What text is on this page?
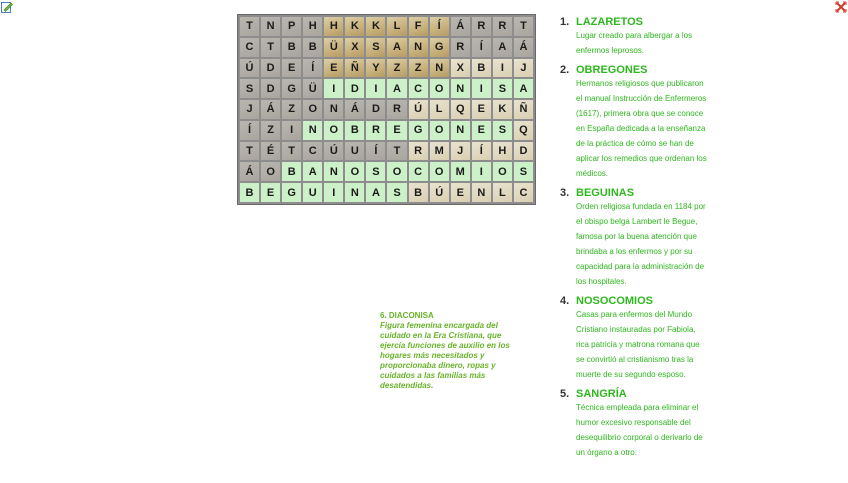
T	N	P	H	H	K	K	L	F	Í	Á	R	R	T
C	T	B	B	Ü	X	S	A	N	G	R	Í	A	Á
Ú	D	E	Í	E	Ñ	Y	Z	Z	N	X	B	I	J
S	D	G	Ü	I	D	I	A	C	O	N	I	S	A
J	Á	Z	O	N	Á	D	R	Ú	L	Q	E	K	Ñ
Í	Z	I	N	O	B	R	E	G	O	N	E	S	Q
T	É	T	C	Ú	U	Í	T	R	M	J	Í	H	D
Á	O	B	A	N	O	S	O	C	O	M	I	O	S
B	E	G	U	I	N	A	S	B	Ú	E	N	L	C
1. LAZARETOS
Lugar creado para albergar a los enfermos leprosos.
2. OBREGONES
Hermanos religiosos que publicaron el manual Instrucción de Enfermeros (1617), primera obra que se conoce en España dedicada a la enseñanza de la práctica de cómo se han de aplicar los remedios que ordenan los médicos.
3. BEGUINAS
Orden religiosa fundada en 1184 por el obispo belga Lambert le Begue, famosa por la buena atención que brindaba a los enfermos y por su capacidad para la administración de los hospitales.
4. NOSOCOMIOS
Casas para enfermos del Mundo Cristiano instauradas por Fabiola, rica patricia y matrona romana que se convirtió al cristianismo tras la muerte de su segundo esposo.
5. SANGRÍA
Técnica empleada para eliminar el humor excesivo responsable del desequilibrio corporal o derivarlo de un órgano a otro.
6. DIACONISA
Figura femenina encargada del cuidado en la Era Cristiana, que ejercía funciones de auxilio en los hogares más necesitados y proporcionaba dinero, ropas y cuidados a las familias más desatendidas.
